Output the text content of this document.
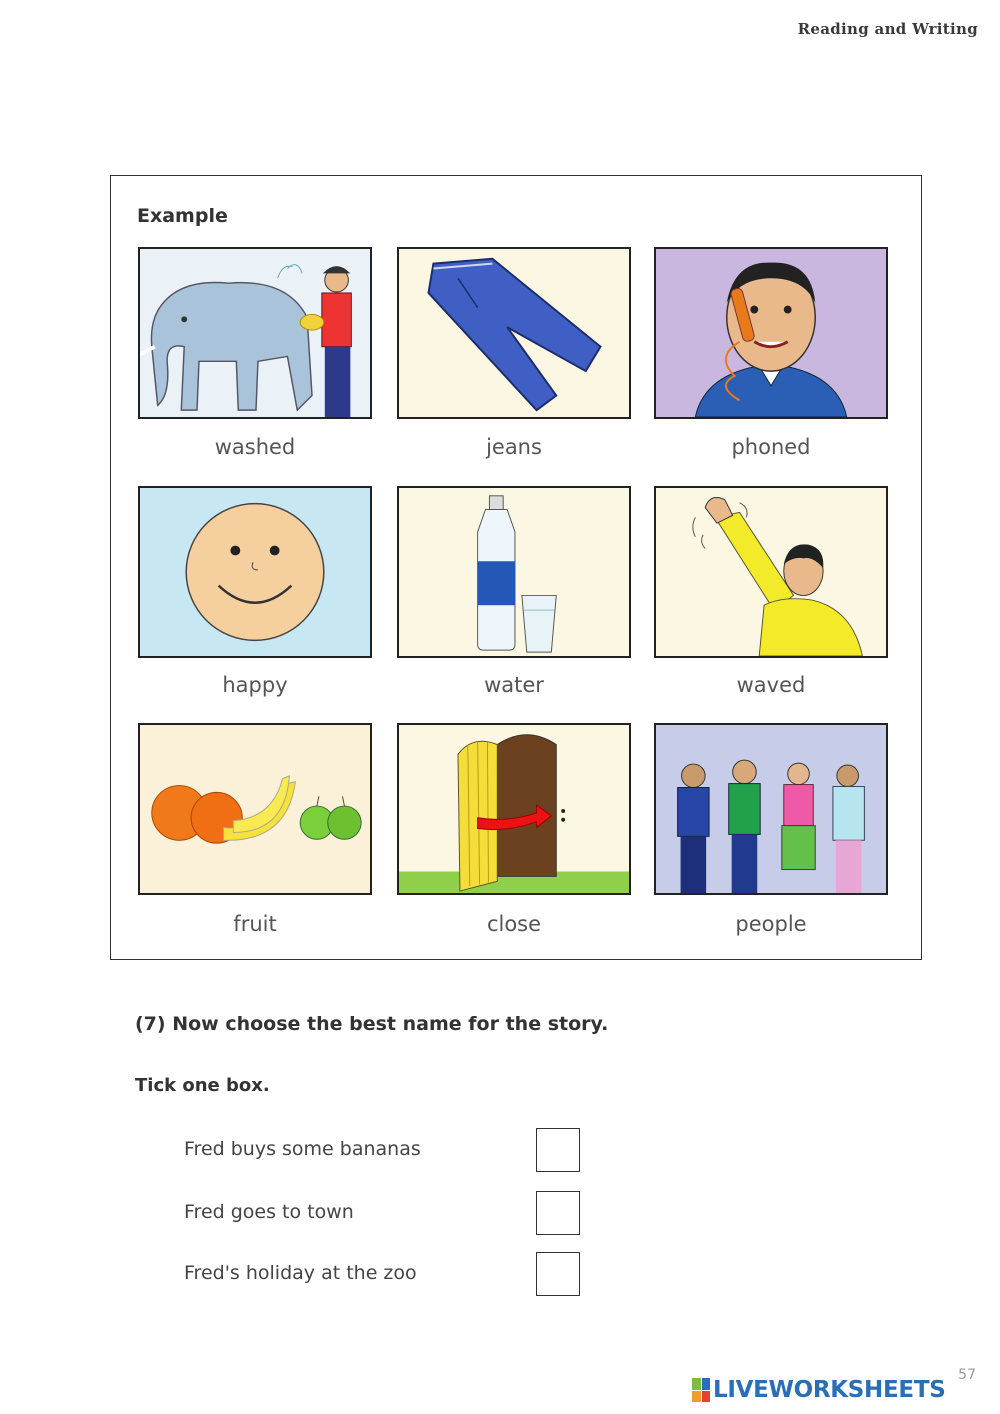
Reading and Writing
Example
washed	jeans	phoned
happy	water	waved
fruit	close	people
(7) Now choose the best name for the story.
Tick one box.
Fred buys some bananas
Fred goes to town
Fred's holiday at the zoo
57
LIVEWORKSHEETS
